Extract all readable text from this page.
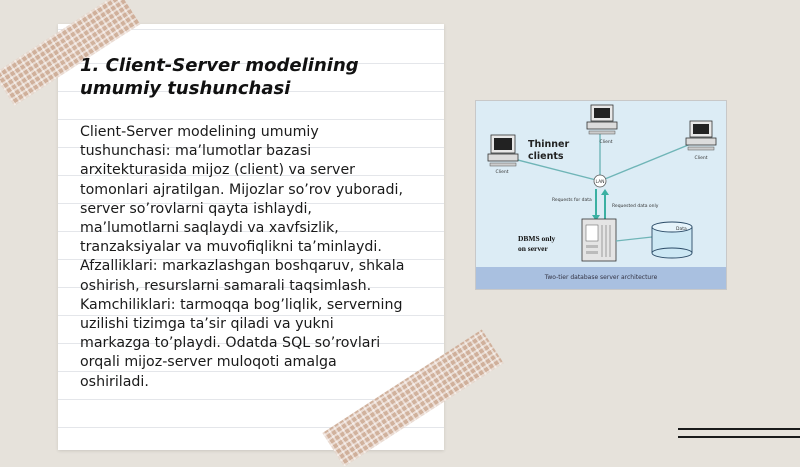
1. Client-Server modelining umumiy tushunchasi

Client-Server modelining umumiy tushunchasi: ma’lumotlar bazasi arxitekturasida mijoz (client) va server tomonlari ajratilgan. Mijozlar so’rov yuboradi, server so’rovlarni qayta ishlaydi, ma’lumotlarni saqlaydi va xavfsizlik, tranzaksiyalar va muvofiqlikni ta’minlaydi. Afzalliklari: markazlashgan boshqaruv, shkala oshirish, resurslarni samarali taqsimlash. Kamchiliklari: tarmoqqa bog’liqlik, serverning uzilishi tizimga ta’sir qiladi va yukni markazga to’playdi. Odatda SQL so’rovlari orqali mijoz-server muloqoti amalga oshiriladi.

LAN
Requests for data
Requested data only
Client
Client
Client
Thinner
clients
DBMS only
on server
Data
Two-tier database server architecture
